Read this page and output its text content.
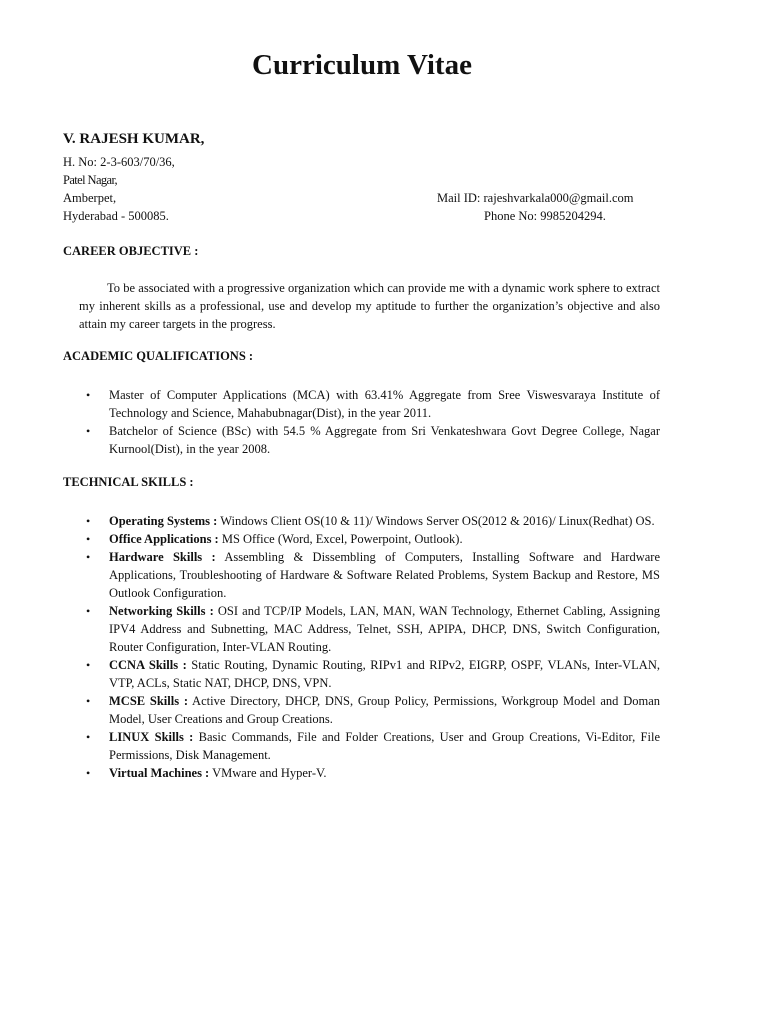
Curriculum Vitae
V. RAJESH KUMAR,
H. No: 2-3-603/70/36,
Patel Nagar,
Amberpet,
Hyderabad - 500085.
Mail ID: rajeshvarkala000@gmail.com
Phone No: 9985204294.
CAREER OBJECTIVE :

To be associated with a progressive organization which can provide me with a dynamic work sphere to extract my inherent skills as a professional, use and develop my aptitude to further the organization’s objective and also attain my career targets in the progress.

ACADEMIC QUALIFICATIONS :
• Master of Computer Applications (MCA) with 63.41% Aggregate from Sree Viswesvaraya Institute of Technology and Science, Mahabubnagar(Dist), in the year 2011.
• Batchelor of Science (BSc) with 54.5 % Aggregate from Sri Venkateshwara Govt Degree College, Nagar Kurnool(Dist), in the year 2008.
TECHNICAL SKILLS :
• Operating Systems : Windows Client OS(10 & 11)/ Windows Server OS(2012 & 2016)/ Linux(Redhat) OS.
• Office Applications : MS Office (Word, Excel, Powerpoint, Outlook).
• Hardware Skills : Assembling & Dissembling of Computers, Installing Software and Hardware Applications, Troubleshooting of Hardware & Software Related Problems, System Backup and Restore, MS Outlook Configuration.
• Networking Skills : OSI and TCP/IP Models, LAN, MAN, WAN Technology, Ethernet Cabling, Assigning IPV4 Address and Subnetting, MAC Address, Telnet, SSH, APIPA, DHCP, DNS, Switch Configuration, Router Configuration, Inter-VLAN Routing.
• CCNA Skills : Static Routing, Dynamic Routing, RIPv1 and RIPv2, EIGRP, OSPF, VLANs, Inter-VLAN, VTP, ACLs, Static NAT, DHCP, DNS, VPN.
• MCSE Skills : Active Directory, DHCP, DNS, Group Policy, Permissions, Workgroup Model and Doman Model, User Creations and Group Creations.
• LINUX Skills : Basic Commands, File and Folder Creations, User and Group Creations, Vi-Editor, File Permissions, Disk Management.
• Virtual Machines : VMware and Hyper-V.
